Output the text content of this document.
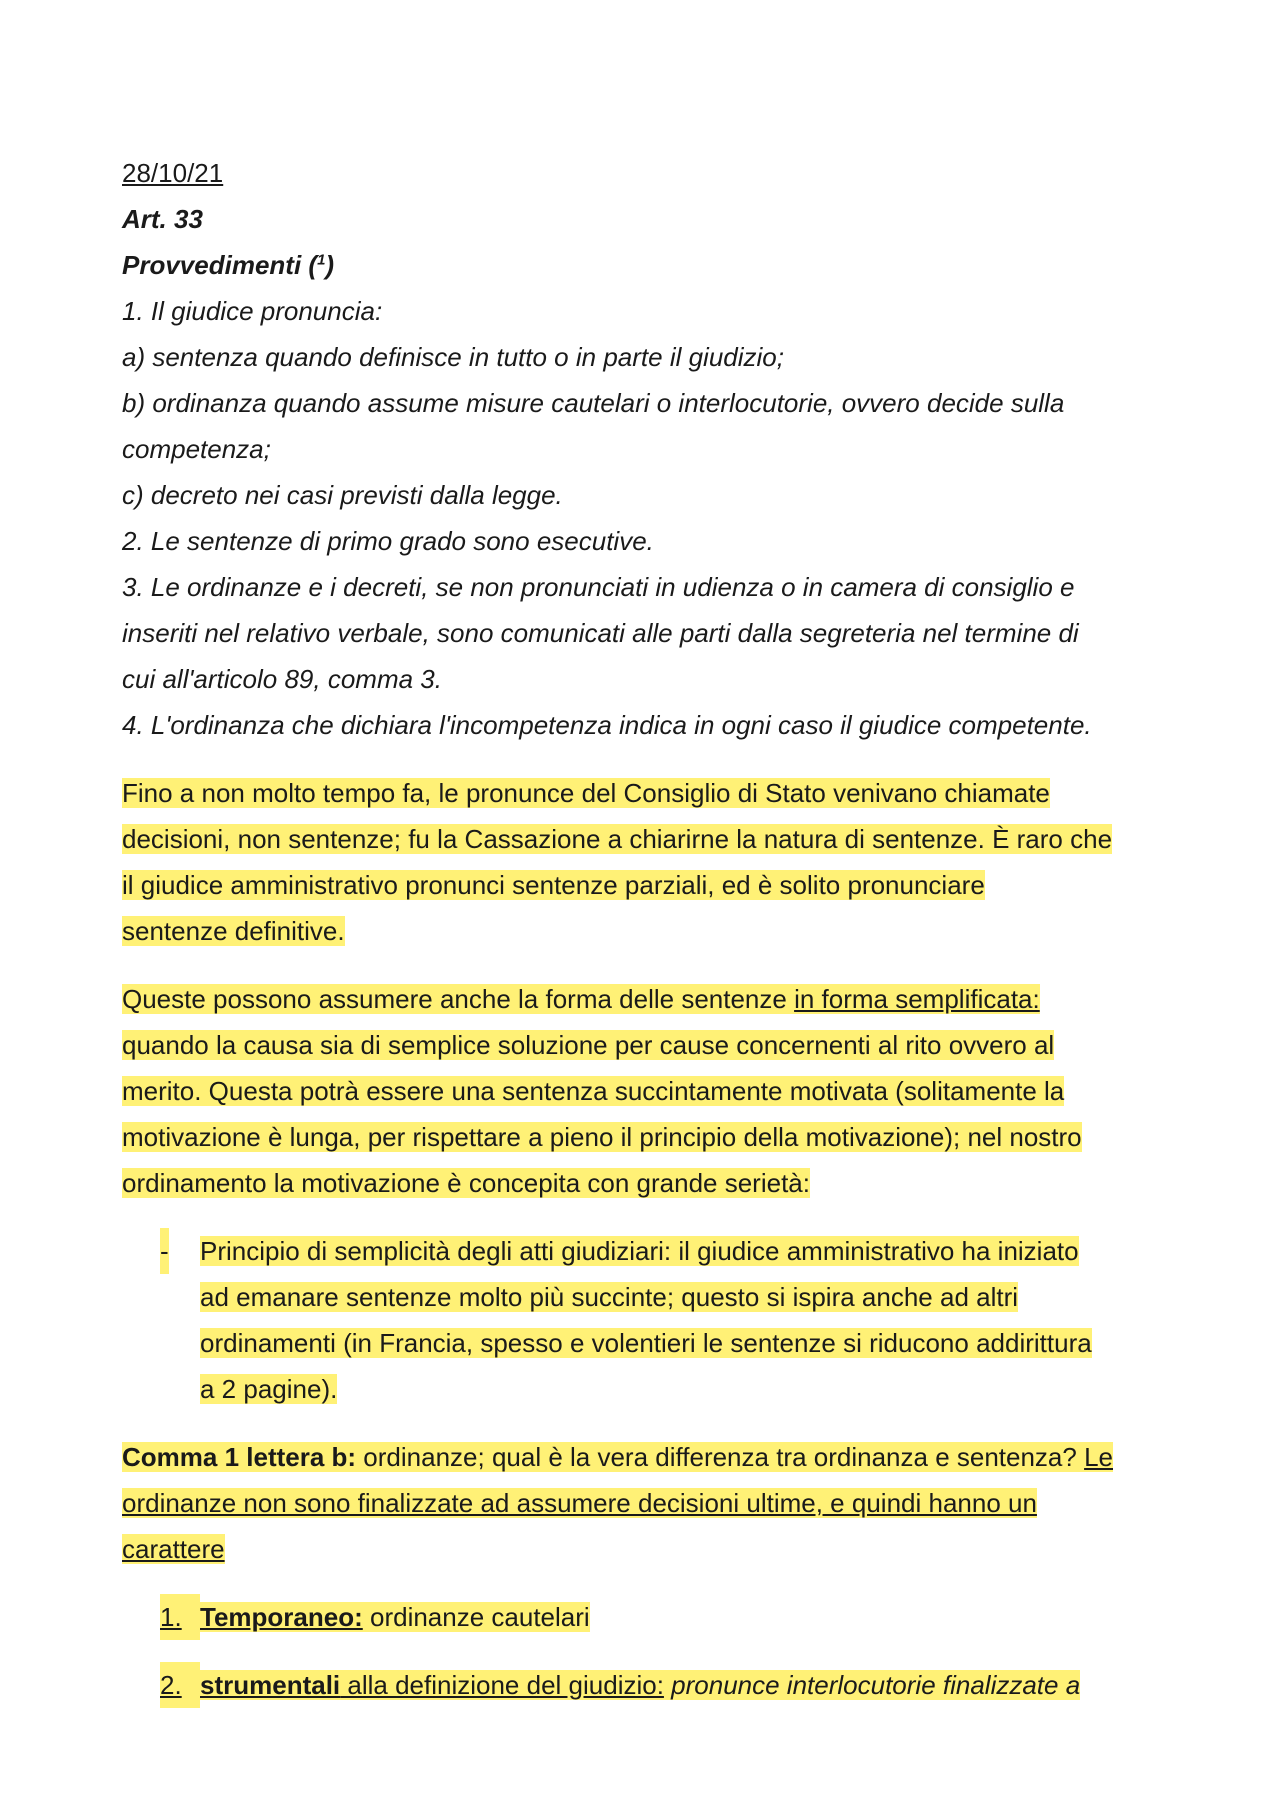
28/10/21
Art. 33
Provvedimenti ($^1$)
1. Il giudice pronuncia:
a) sentenza quando definisce in tutto o in parte il giudizio;
b) ordinanza quando assume misure cautelari o interlocutorie, ovvero decide sulla
competenza;
c) decreto nei casi previsti dalla legge.
2. Le sentenze di primo grado sono esecutive.
3. Le ordinanze e i decreti, se non pronunciati in udienza o in camera di consiglio e
inseriti nel relativo verbale, sono comunicati alle parti dalla segreteria nel termine di
cui all'articolo 89, comma 3.
4. L'ordinanza che dichiara l'incompetenza indica in ogni caso il giudice competente.
Fino a non molto tempo fa, le pronunce del Consiglio di Stato venivano chiamate
decisioni, non sentenze; fu la Cassazione a chiarirne la natura di sentenze. È raro che
il giudice amministrativo pronunci sentenze parziali, ed è solito pronunciare
sentenze definitive.
Queste possono assumere anche la forma delle sentenze in forma semplificata:
quando la causa sia di semplice soluzione per cause concernenti al rito ovvero al
merito. Questa potrà essere una sentenza succintamente motivata (solitamente la
motivazione è lunga, per rispettare a pieno il principio della motivazione); nel nostro
ordinamento la motivazione è concepita con grande serietà:
- Principio di semplicità degli atti giudiziari: il giudice amministrativo ha iniziato
ad emanare sentenze molto più succinte; questo si ispira anche ad altri
ordinamenti (in Francia, spesso e volentieri le sentenze si riducono addirittura
a 2 pagine).
Comma 1 lettera b: ordinanze; qual è la vera differenza tra ordinanza e sentenza? Le
ordinanze non sono finalizzate ad assumere decisioni ultime, e quindi hanno un
carattere
1. Temporaneo: ordinanze cautelari
2. strumentali alla definizione del giudizio: pronunce interlocutorie finalizzate a
